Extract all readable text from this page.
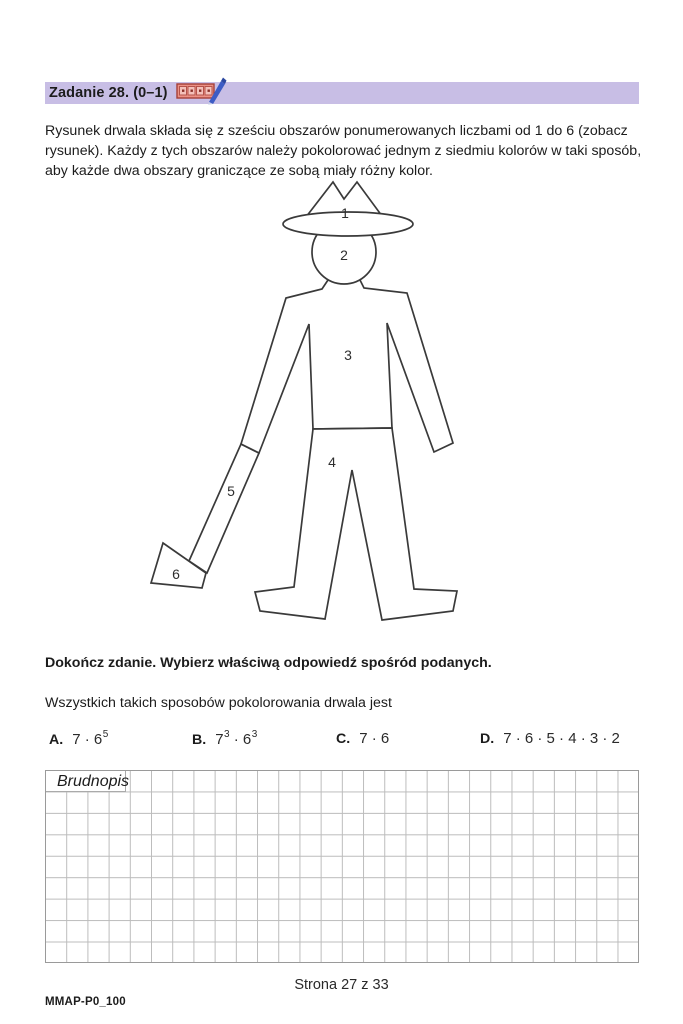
Zadanie 28. (0–1)

Rysunek drwala składa się z sześciu obszarów ponumerowanych liczbami od 1 do 6 (zobacz rysunek). Każdy z tych obszarów należy pokolorować jednym z siedmiu kolorów w taki sposób, aby każde dwa obszary graniczące ze sobą miały różny kolor.

1
2
3
4
5
6
Dokończ zdanie. Wybierz właściwą odpowiedź spośród podanych.
Wszystkich takich sposobów pokolorowania drwala jest
A. $7 \cdot 6^5$	B. $7^3 \cdot 6^3$	C. 7 · 6	D. 7 · 6 · 5 · 4 · 3 · 2
Brudnopis
Strona 27 z 33
MMAP-P0_100
